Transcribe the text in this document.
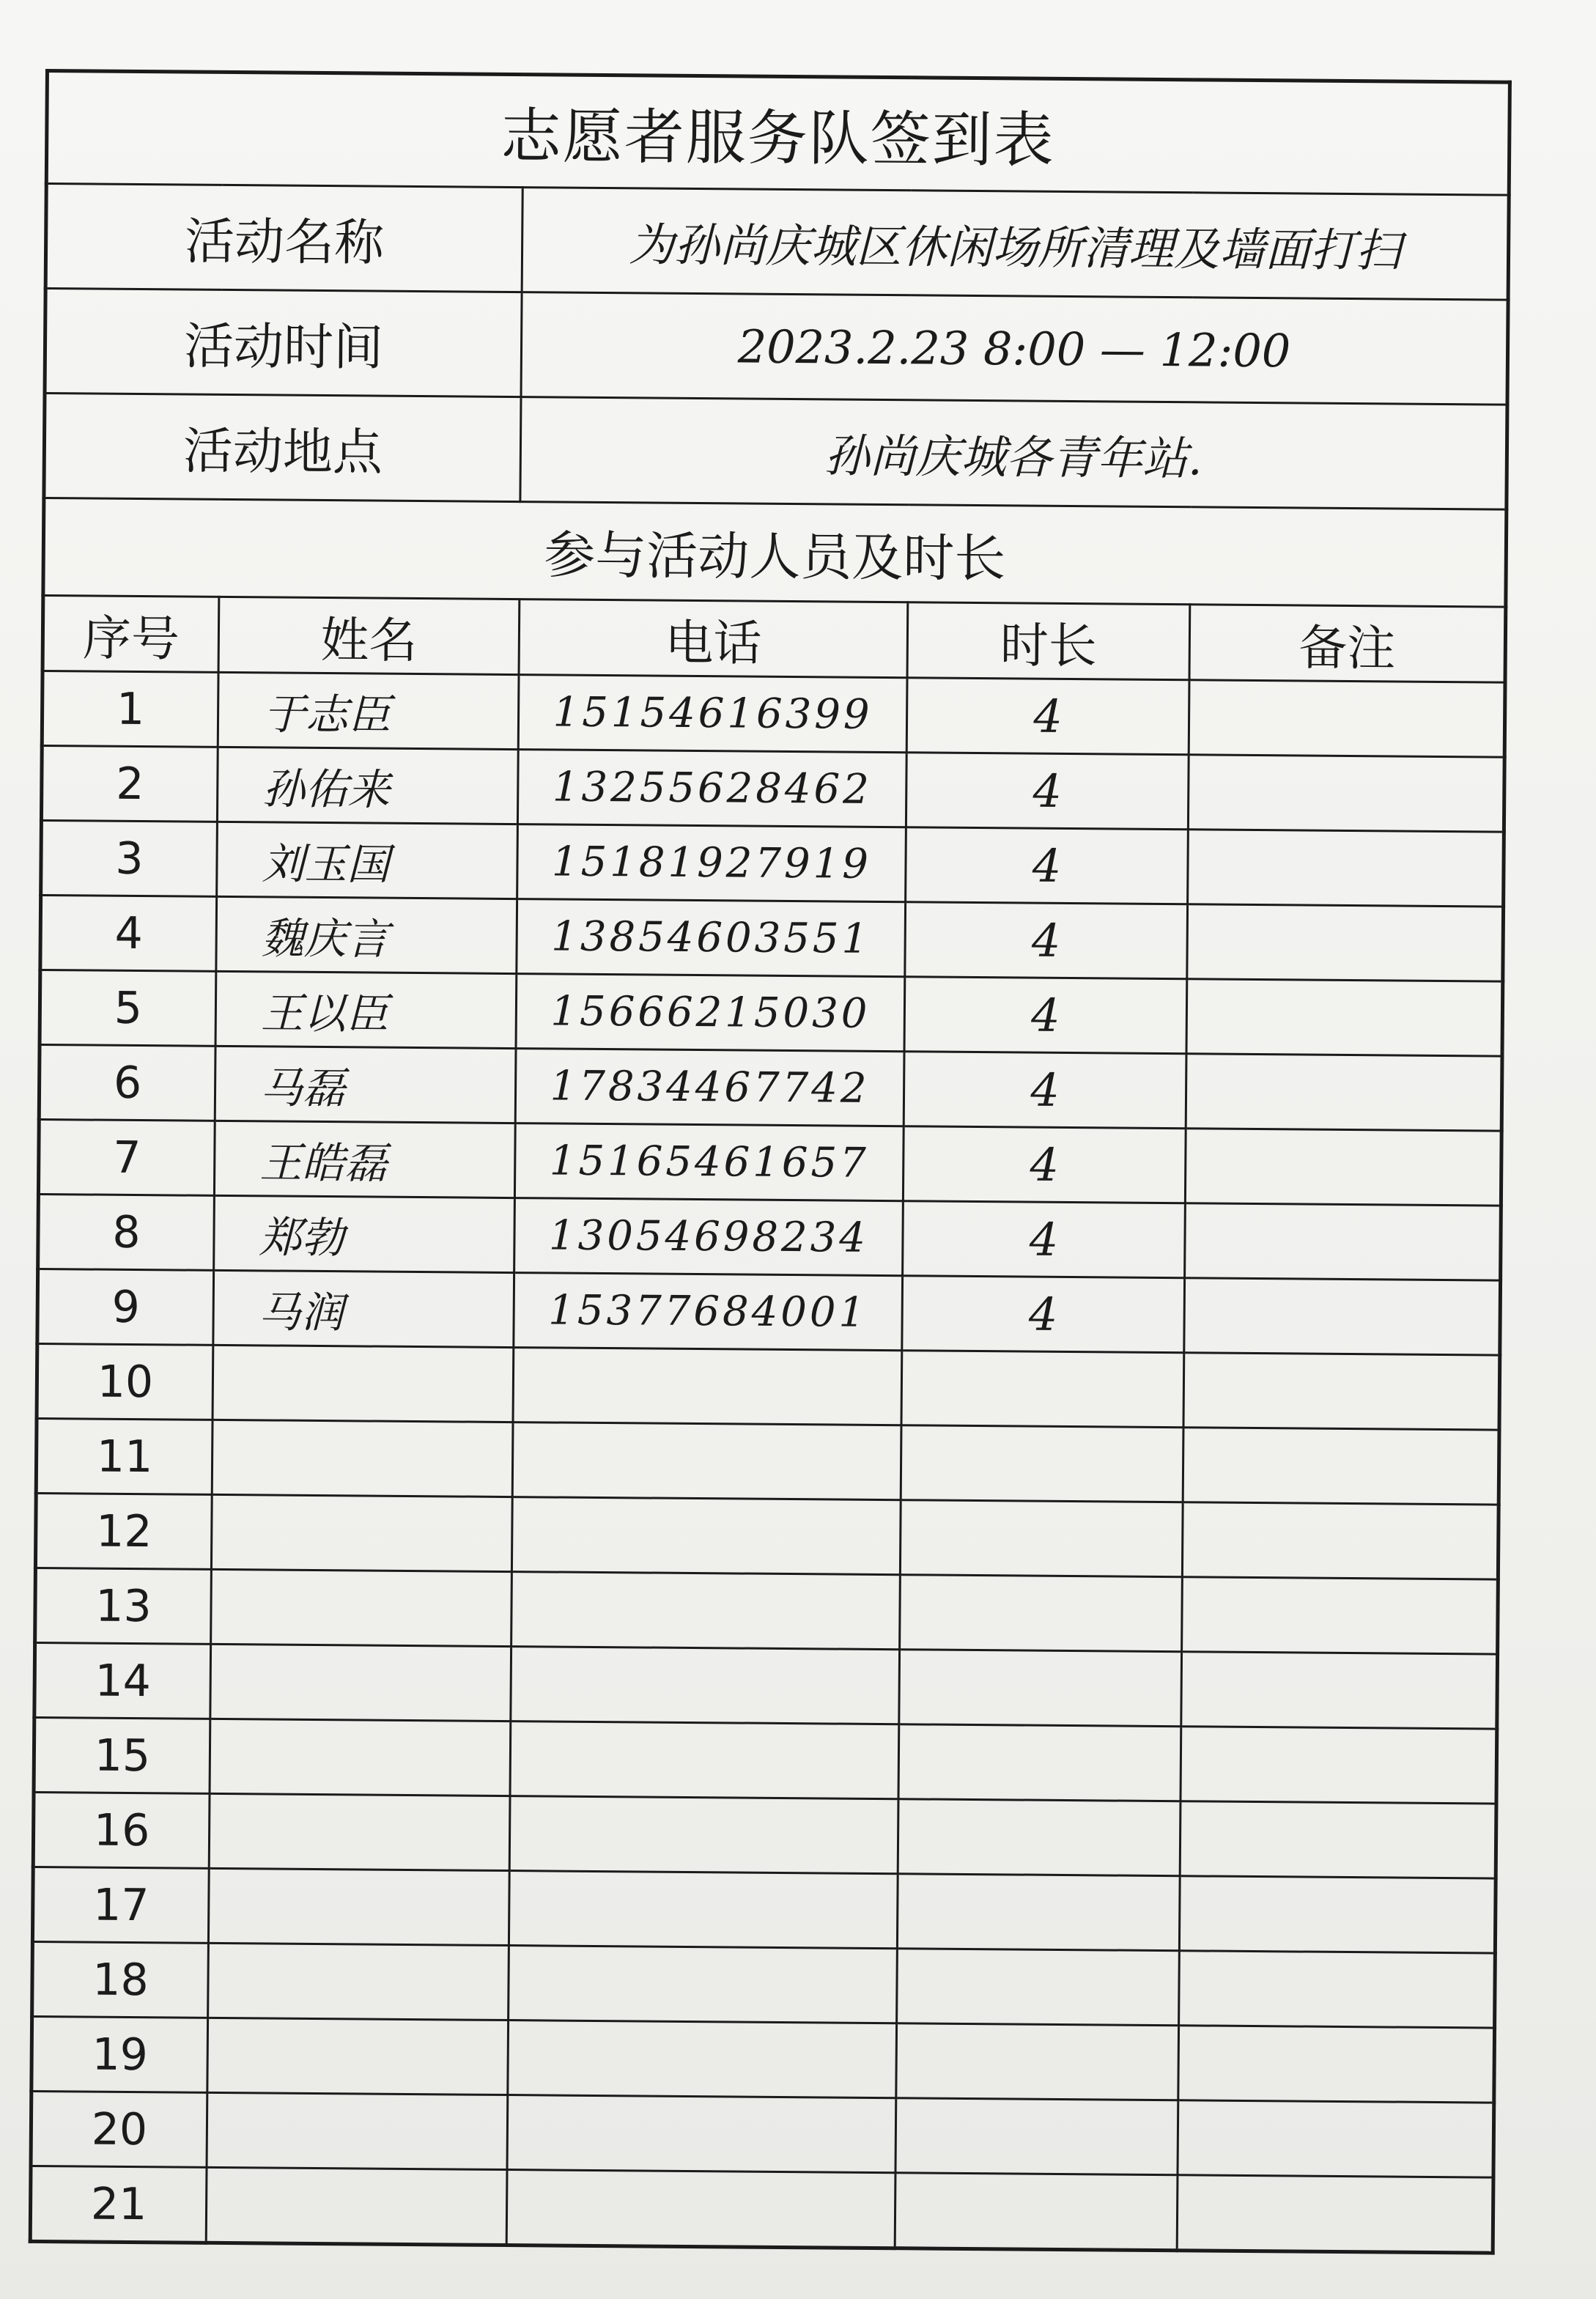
志愿者服务队签到表				
活动名称		为孙尚庆城区休闲场所清理及墙面打扫		
活动时间		2023.2.23 8:00 — 12:00		
活动地点		孙尚庆城各青年站.		
参与活动人员及时长				
序号	姓名	电话	时长	备注
1	于志臣	15154616399	4	
2	孙佑来	13255628462	4	
3	刘玉国	15181927919	4	
4	魏庆言	13854603551	4	
5	王以臣	15666215030	4	
6	马磊	17834467742	4	
7	王皓磊	15165461657	4	
8	郑勃	13054698234	4	
9	马润	15377684001	4	
10				
11				
12				
13				
14				
15				
16				
17				
18				
19				
20				
21				
